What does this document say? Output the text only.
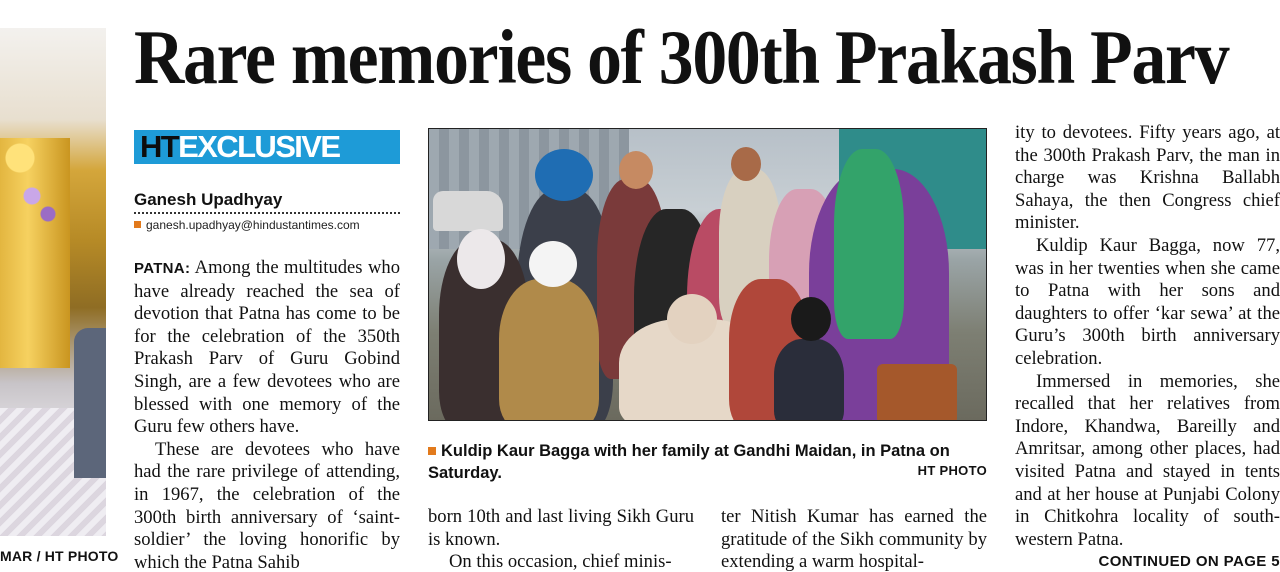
MAR / HT PHOTO
Rare memories of 300th Prakash Parv
HTEXCLUSIVE
Ganesh Upadhyay
ganesh.upadhyay@hindustantimes.com

PATNA: Among the multitudes who have already reached the sea of devotion that Patna has come to be for the celebration of the 350th Prakash Parv of Guru Gobind Singh, are a few devotees who are blessed with one memory of the Guru few others have.

These are devotees who have had the rare privilege of attending, in 1967, the celebration of the 300th birth anniversary of ‘saint-soldier’ the loving honorific by which the Patna Sahib

Kuldip Kaur Bagga with her family at Gandhi Maidan, in Patna on Saturday.	HT PHOTO

born 10th and last living Sikh Guru is known.

On this occasion, chief minis-

ter Nitish Kumar has earned the gratitude of the Sikh community by extending a warm hospital-

ity to devotees. Fifty years ago, at the 300th Prakash Parv, the man in charge was Krishna Ballabh Sahaya, the then Congress chief minister.

Kuldip Kaur Bagga, now 77, was in her twenties when she came to Patna with her sons and daughters to offer ‘kar sewa’ at the Guru’s 300th birth anniversary celebration.

Immersed in memories, she recalled that her relatives from Indore, Khandwa, Bareilly and Amritsar, among other places, had visited Patna and stayed in tents and at her house at Punjabi Colony in Chitkohra locality of south-western Patna.

CONTINUED ON PAGE 5
